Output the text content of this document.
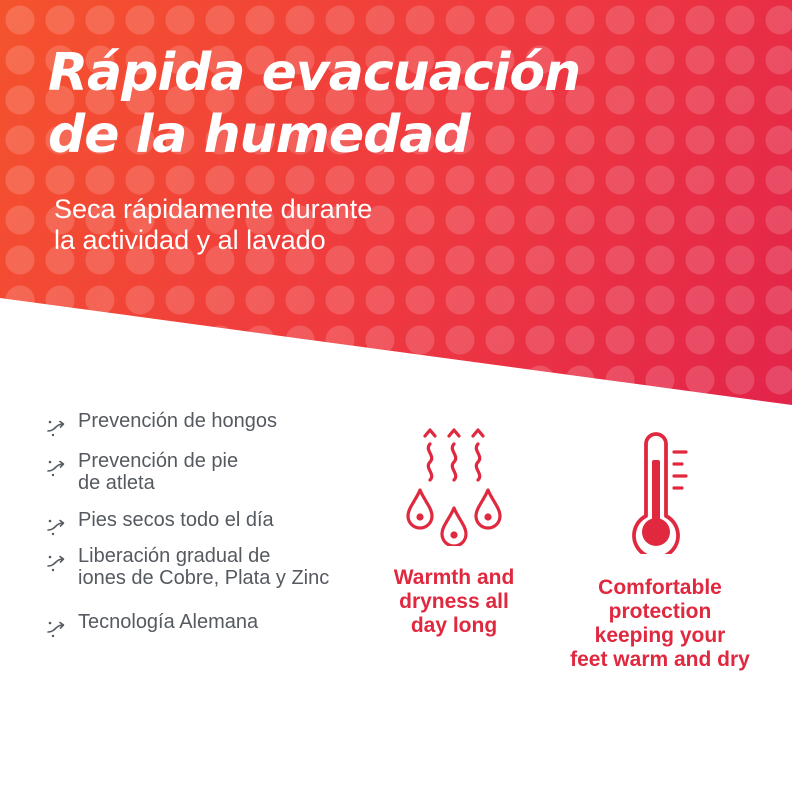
Rápida evacuación
de la humedad

Seca rápidamente durante
la actividad y al lavado

Prevención de hongos
Prevención de pie
de atleta
Pies secos todo el día
Liberación gradual de
iones de Cobre, Plata y Zinc
Tecnología Alemana

Warmth and
dryness all
day long

Comfortable
protection
keeping your
feet warm and dry
